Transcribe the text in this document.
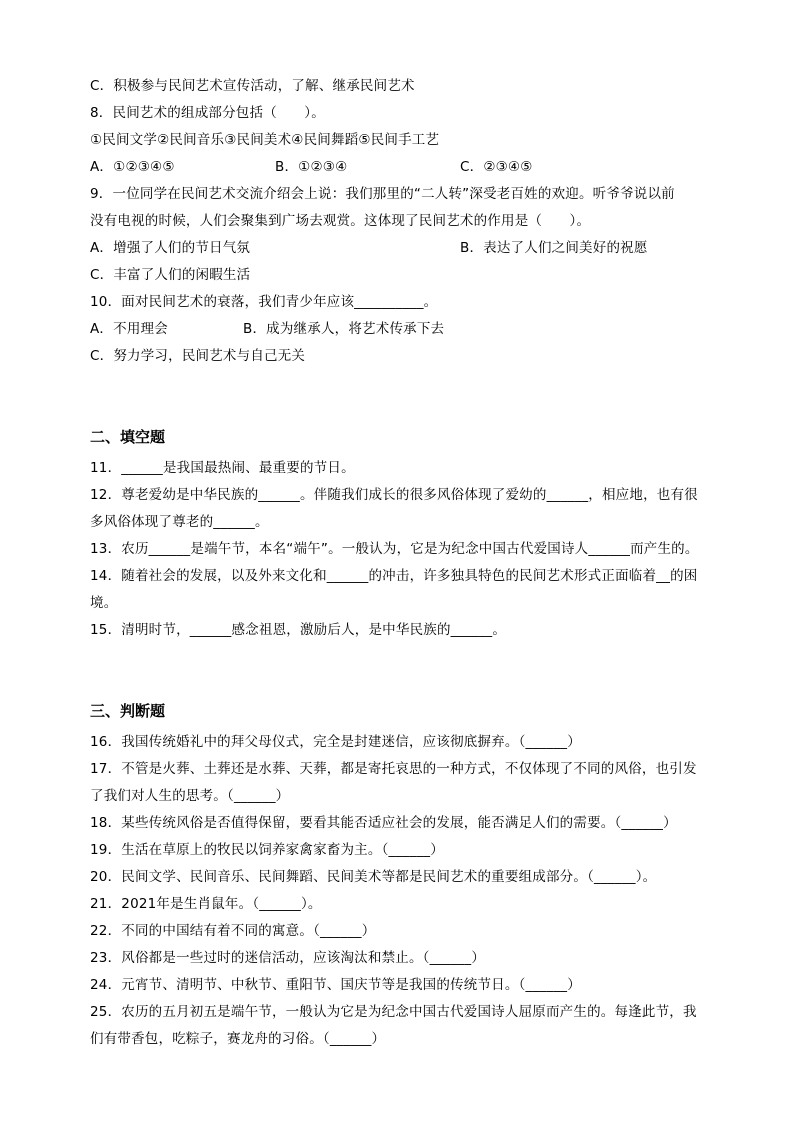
C．积极参与民间艺术宣传活动，了解、继承民间艺术
8．民间艺术的组成部分包括（　　）。
①民间文学②民间音乐③民间美术④民间舞蹈⑤民间手工艺
A．①②③④⑤	B．①②③④	C．②③④⑤
9．一位同学在民间艺术交流介绍会上说：我们那里的“二人转”深受老百姓的欢迎。听爷爷说以前
没有电视的时候，人们会聚集到广场去观赏。这体现了民间艺术的作用是（　　）。
A．增强了人们的节日气氛	B．表达了人们之间美好的祝愿
C．丰富了人们的闲暇生活
10．面对民间艺术的衰落，我们青少年应该__________。
A．不用理会	B．成为继承人，将艺术传承下去
C．努力学习，民间艺术与自己无关
二、填空题
11．______是我国最热闹、最重要的节日。
12．尊老爱幼是中华民族的______。伴随我们成长的很多风俗体现了爱幼的______，相应地，也有很
多风俗体现了尊老的______。
13．农历______是端午节，本名“端午”。一般认为，它是为纪念中国古代爱国诗人______而产生的。
14．随着社会的发展，以及外来文化和______的冲击，许多独具特色的民间艺术形式正面临着__的困
境。
15．清明时节，______感念祖恩，激励后人，是中华民族的______。
三、判断题
16．我国传统婚礼中的拜父母仪式，完全是封建迷信，应该彻底摒弃。（______）
17．不管是火葬、土葬还是水葬、天葬，都是寄托哀思的一种方式，不仅体现了不同的风俗，也引发
了我们对人生的思考。（______）
18．某些传统风俗是否值得保留，要看其能否适应社会的发展，能否满足人们的需要。（______）
19．生活在草原上的牧民以饲养家禽家畜为主。（______）
20．民间文学、民间音乐、民间舞蹈、民间美术等都是民间艺术的重要组成部分。（______）。
21．2021年是生肖鼠年。（______）。
22．不同的中国结有着不同的寓意。（______）
23．风俗都是一些过时的迷信活动，应该淘汰和禁止。（______）
24．元宵节、清明节、中秋节、重阳节、国庆节等是我国的传统节日。（______）
25．农历的五月初五是端午节，一般认为它是为纪念中国古代爱国诗人屈原而产生的。每逢此节，我
们有带香包，吃粽子，赛龙舟的习俗。（______）
